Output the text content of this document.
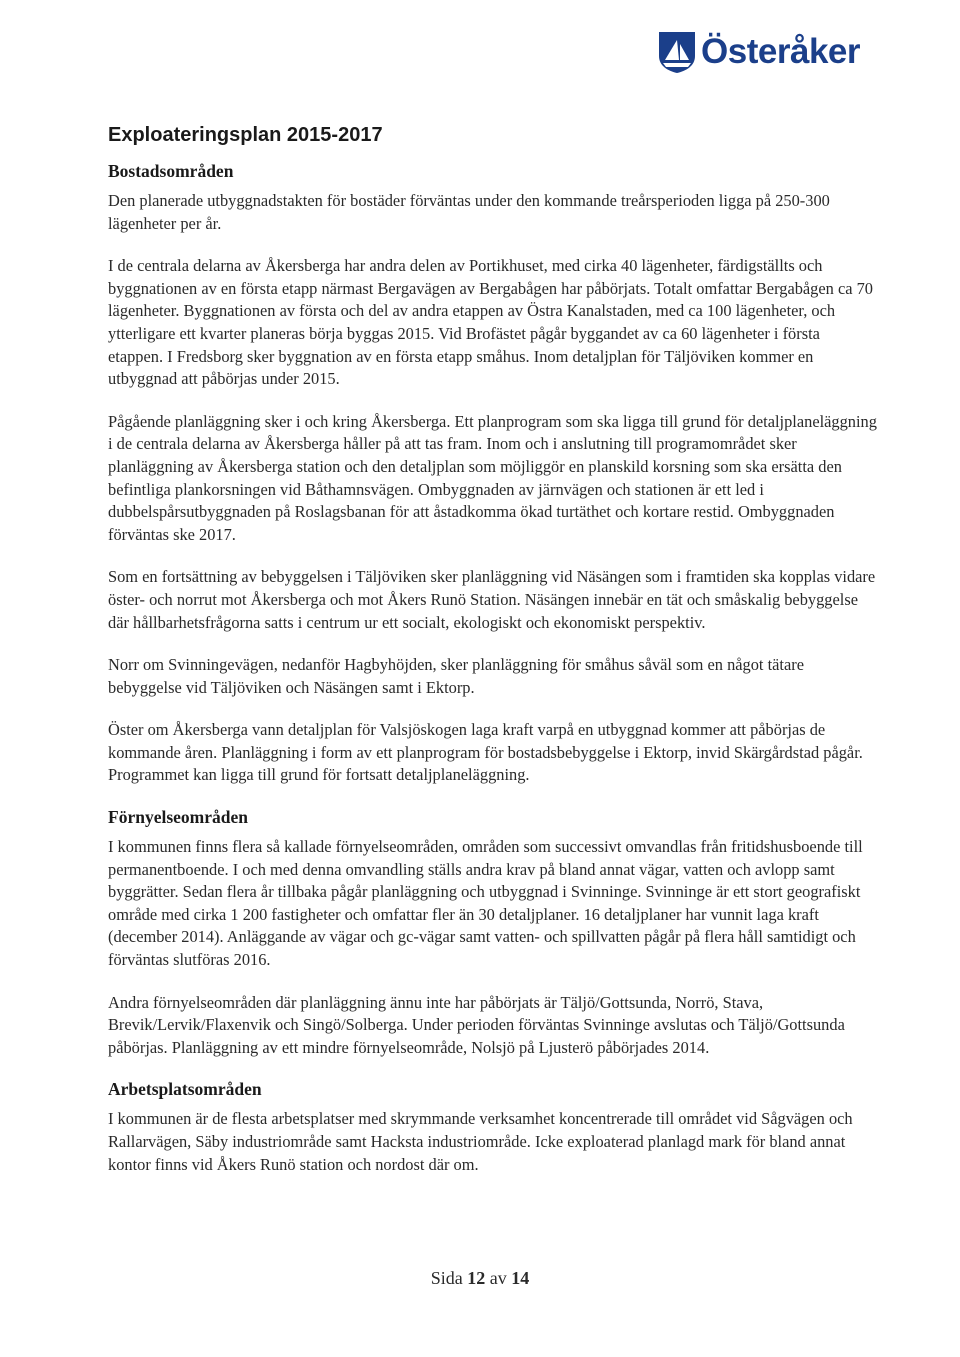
Österåker
Exploateringsplan 2015-2017
Bostadsområden

Den planerade utbyggnadstakten för bostäder förväntas under den kommande treårsperioden ligga på 250-300 lägenheter per år.

I de centrala delarna av Åkersberga har andra delen av Portikhuset, med cirka 40 lägenheter, färdigställts och byggnationen av en första etapp närmast Bergavägen av Bergabågen har påbörjats. Totalt omfattar Bergabågen ca 70 lägenheter. Byggnationen av första och del av andra etappen av Östra Kanalstaden, med ca 100 lägenheter, och ytterligare ett kvarter planeras börja byggas 2015. Vid Brofästet pågår byggandet av ca 60 lägenheter i första etappen. I Fredsborg sker byggnation av en första etapp småhus. Inom detaljplan för Täljöviken kommer en utbyggnad att påbörjas under 2015.

Pågående planläggning sker i och kring Åkersberga. Ett planprogram som ska ligga till grund för detaljplaneläggning i de centrala delarna av Åkersberga håller på att tas fram. Inom och i anslutning till programområdet sker planläggning av Åkersberga station och den detaljplan som möjliggör en planskild korsning som ska ersätta den befintliga plankorsningen vid Båthamnsvägen. Ombyggnaden av järnvägen och stationen är ett led i dubbelspårsutbyggnaden på Roslagsbanan för att åstadkomma ökad turtäthet och kortare restid. Ombyggnaden förväntas ske 2017.

Som en fortsättning av bebyggelsen i Täljöviken sker planläggning vid Näsängen som i framtiden ska kopplas vidare öster- och norrut mot Åkersberga och mot Åkers Runö Station. Näsängen innebär en tät och småskalig bebyggelse där hållbarhetsfrågorna satts i centrum ur ett socialt, ekologiskt och ekonomiskt perspektiv.

Norr om Svinningevägen, nedanför Hagbyhöjden, sker planläggning för småhus såväl som en något tätare bebyggelse vid Täljöviken och Näsängen samt i Ektorp.

Öster om Åkersberga vann detaljplan för Valsjöskogen laga kraft varpå en utbyggnad kommer att påbörjas de kommande åren. Planläggning i form av ett planprogram för bostadsbebyggelse i Ektorp, invid Skärgårdstad pågår. Programmet kan ligga till grund för fortsatt detaljplaneläggning.

Förnyelseområden

I kommunen finns flera så kallade förnyelseområden, områden som successivt omvandlas från fritidshusboende till permanentboende. I och med denna omvandling ställs andra krav på bland annat vägar, vatten och avlopp samt byggrätter. Sedan flera år tillbaka pågår planläggning och utbyggnad i Svinninge. Svinninge är ett stort geografiskt område med cirka 1 200 fastigheter och omfattar fler än 30 detaljplaner. 16 detaljplaner har vunnit laga kraft (december 2014). Anläggande av vägar och gc-vägar samt vatten- och spillvatten pågår på flera håll samtidigt och förväntas slutföras 2016.

Andra förnyelseområden där planläggning ännu inte har påbörjats är Täljö/Gottsunda, Norrö, Stava, Brevik/Lervik/Flaxenvik och Singö/Solberga. Under perioden förväntas Svinninge avslutas och Täljö/Gottsunda påbörjas. Planläggning av ett mindre förnyelseområde, Nolsjö på Ljusterö påbörjades 2014.

Arbetsplatsområden

I kommunen är de flesta arbetsplatser med skrymmande verksamhet koncentrerade till området vid Sågvägen och Rallarvägen, Säby industriområde samt Hacksta industriområde. Icke exploaterad planlagd mark för bland annat kontor finns vid Åkers Runö station och nordost där om.

Sida 12 av 14
